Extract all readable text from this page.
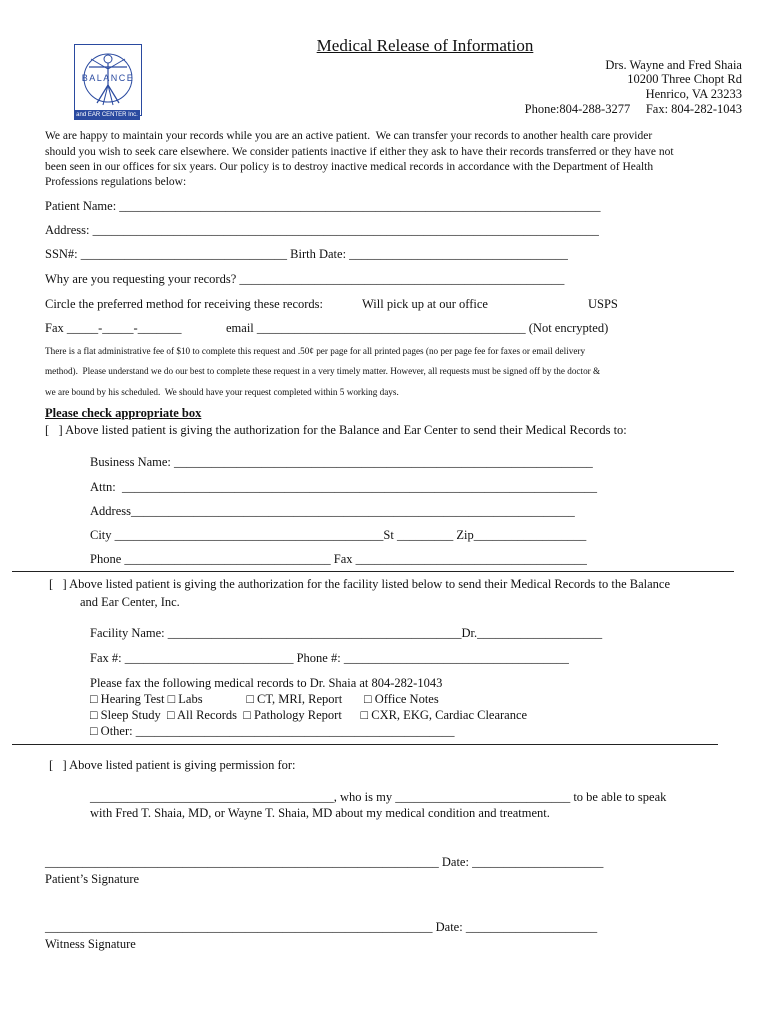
Medical Release of Information
BALANCE
and EAR CENTER Inc.
Drs. Wayne and Fred Shaia
10200 Three Chopt Rd
Henrico, VA 23233
Phone:804-288-3277     Fax: 804-282-1043
We are happy to maintain your records while you are an active patient.  We can transfer your records to another health care provider
should you wish to seek care elsewhere. We consider patients inactive if either they ask to have their records transferred or they have not
been seen in our offices for six years. Our policy is to destroy inactive medical records in accordance with the Department of Health
Professions regulations below:
Patient Name: _____________________________________________________________________________
Address: _________________________________________________________________________________
SSN#: _________________________________ Birth Date: ___________________________________
Why are you requesting your records? ____________________________________________________
Circle the preferred method for receiving these records:	Will pick up at our office	USPS
Fax _____-_____-_______	email ___________________________________________ (Not encrypted)
There is a flat administrative fee of $10 to complete this request and .50¢ per page for all printed pages (no per page fee for faxes or email delivery
method).  Please understand we do our best to complete these request in a very timely matter. However, all requests must be signed off by the doctor &
we are bound by his scheduled.  We should have your request completed within 5 working days.
Please check appropriate box
[   ] Above listed patient is giving the authorization for the Balance and Ear Center to send their Medical Records to:
Business Name: ___________________________________________________________________
Attn:  ____________________________________________________________________________
Address_______________________________________________________________________
City ___________________________________________St _________ Zip__________________
Phone _________________________________ Fax _____________________________________
[   ] Above listed patient is giving the authorization for the facility listed below to send their Medical Records to the Balance
and Ear Center, Inc.
Facility Name: _______________________________________________Dr.____________________
Fax #: ___________________________ Phone #: ____________________________________
Please fax the following medical records to Dr. Shaia at 804-282-1043
□ Hearing Test □ Labs              □ CT, MRI, Report       □ Office Notes
□ Sleep Study  □ All Records  □ Pathology Report      □ CXR, EKG, Cardiac Clearance
□ Other: ___________________________________________________
[   ] Above listed patient is giving permission for:
_______________________________________, who is my ____________________________ to be able to speak
with Fred T. Shaia, MD, or Wayne T. Shaia, MD about my medical condition and treatment.
_______________________________________________________________ Date: _____________________
Patient’s Signature
______________________________________________________________ Date: _____________________
Witness Signature
